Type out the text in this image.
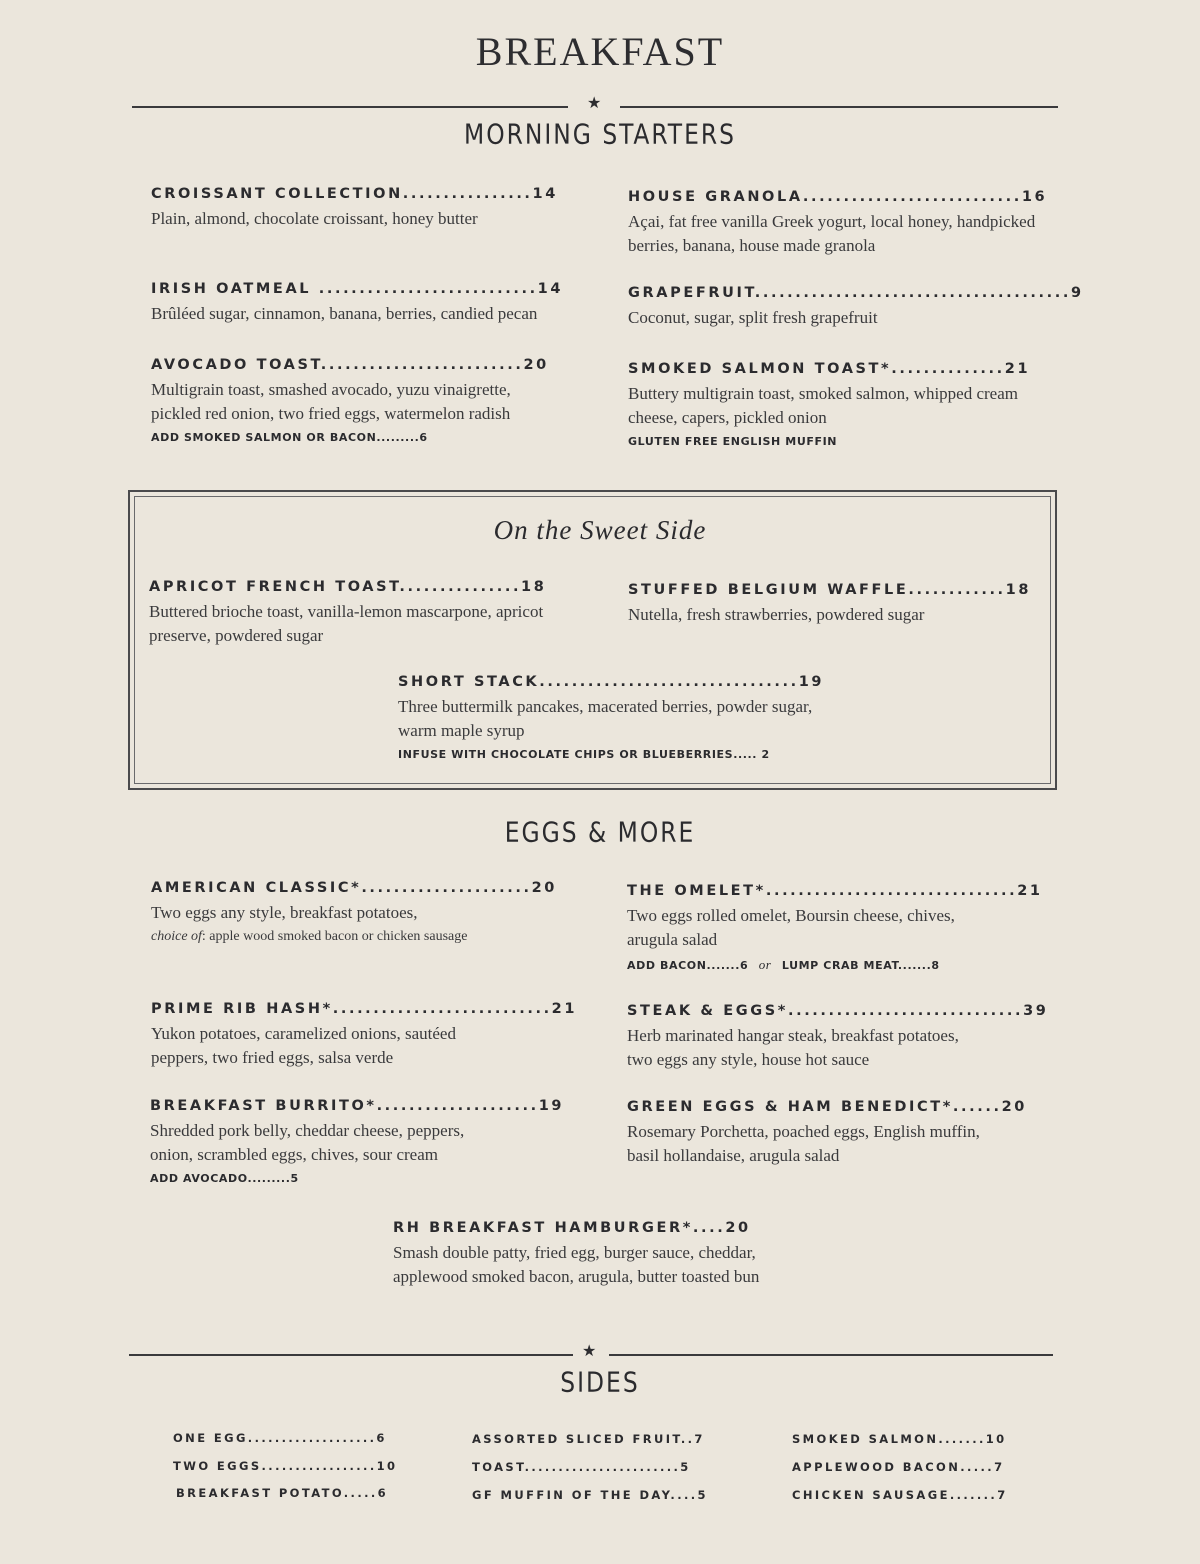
BREAKFAST
★
MORNING STARTERS
CROISSANT COLLECTION................14
Plain, almond, chocolate croissant, honey butter
HOUSE GRANOLA...........................16
Açai, fat free vanilla Greek yogurt, local honey, handpicked berries, banana, house made granola
IRISH OATMEAL ...........................14
Brûléed sugar, cinnamon, banana, berries, candied pecan
GRAPEFRUIT.......................................9
Coconut, sugar, split fresh grapefruit
AVOCADO TOAST.........................20
Multigrain toast, smashed avocado, yuzu vinaigrette, pickled red onion, two fried eggs, watermelon radish
ADD SMOKED SALMON OR BACON.........6
SMOKED SALMON TOAST*..............21
Buttery multigrain toast, smoked salmon, whipped cream cheese, capers, pickled onion
GLUTEN FREE ENGLISH MUFFIN
On the Sweet Side
APRICOT FRENCH TOAST...............18
Buttered brioche toast, vanilla-lemon mascarpone, apricot preserve, powdered sugar
STUFFED BELGIUM WAFFLE............18
Nutella, fresh strawberries, powdered sugar
SHORT STACK................................19
Three buttermilk pancakes, macerated berries, powder sugar, warm maple syrup
INFUSE WITH CHOCOLATE CHIPS OR BLUEBERRIES..... 2
EGGS & MORE
AMERICAN CLASSIC*.....................20
Two eggs any style, breakfast potatoes,
choice of: apple wood smoked bacon or chicken sausage
THE OMELET*...............................21
Two eggs rolled omelet, Boursin cheese, chives, arugula salad
ADD BACON.......6 or LUMP CRAB MEAT.......8
PRIME RIB HASH*...........................21
Yukon potatoes, caramelized onions, sautéed peppers, two fried eggs, salsa verde
STEAK & EGGS*.............................39
Herb marinated hangar steak, breakfast potatoes, two eggs any style, house hot sauce
BREAKFAST BURRITO*....................19
Shredded pork belly, cheddar cheese, peppers, onion, scrambled eggs, chives, sour cream
ADD AVOCADO.........5
GREEN EGGS & HAM BENEDICT*......20
Rosemary Porchetta, poached eggs, English muffin, basil hollandaise, arugula salad
RH BREAKFAST HAMBURGER*....20
Smash double patty, fried egg, burger sauce, cheddar, applewood smoked bacon, arugula, butter toasted bun
★
SIDES
ONE EGG...................6	ASSORTED SLICED FRUIT..7	SMOKED SALMON.......10
TWO EGGS.................10	TOAST.......................5	APPLEWOOD BACON.....7
BREAKFAST POTATO.....6	GF MUFFIN OF THE DAY....5	CHICKEN SAUSAGE.......7
